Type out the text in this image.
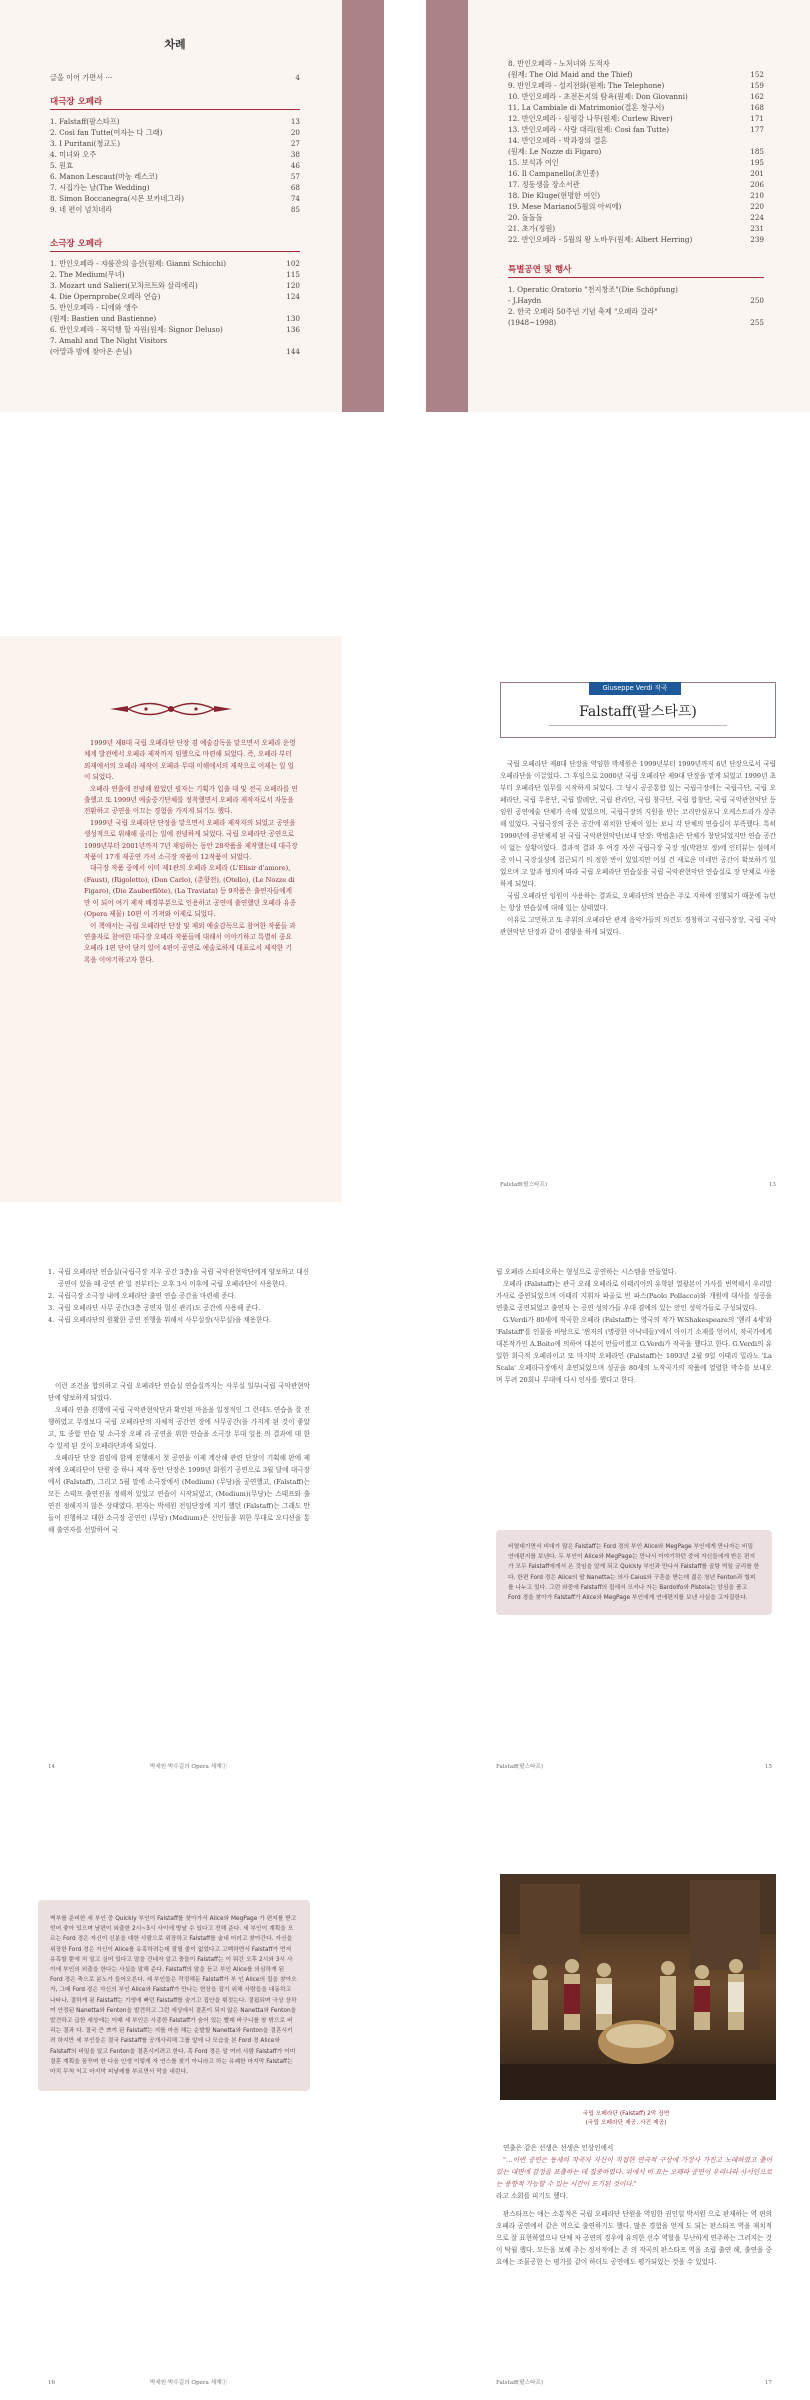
차례
글을 이어 가면서 ···	4
대극장 오페라
1. Falstaff(팔스타프)	13
2. Così fan Tutte(여자는 다 그래)	20
3. I Puritani(청교도)	27
4. 미녀와 오주	38
5. 원효	46
6. Manon Lescaut(마농 레스코)	57
7. 시집가는 날(The Wedding)	68
8. Simon Boccanegra(시몬 보카네그라)	74
9. 네 편이 넘치네라	85
소극장 오페라
1. 반인오페라 - 쟈룸잔의 음산(원제: Gianni Schicchi)	102
2. The Medium(무녀)	115
3. Mozart und Salieri(모차르트와 살리에리)	120
4. Die Opernprobe(오페라 연습)	124
5. 반인오페라 - 디에와 앵수
(원제: Bastien und Bastienne)	130
6. 반인오페라 - 목덕행 할 자원(원제: Signor Deluso)	136
7. Amahl and The Night Visitors
(아말과 밤에 찾아온 손님)	144
8. 반인오페라 - 노처녀와 도적자
(원제: The Old Maid and the Thief)	152
9. 반인오페라 - 설지전화(원제: The Telephone)	159
10. 반인오페라 - 초전돈지의 탐욕(원제: Don Giovanni)	162
11. La Cambiale di Matrimonio(결혼 청구서)	168
12. 반인오페라 - 심평강 나무(원제: Curlew River)	171
13. 반인오페라 - 사랑 대리(원제: Così fan Tutte)	177
14. 반인오페라 - 박과장의 결혼
(원제: Le Nozze di Figaro)	185
15. 보석과 여인	195
16. Il Campanello(초인종)	201
17. 정동생을 장소서관	206
18. Die Kluge(현명한 여인)	210
19. Mese Mariano(5월의 아씨에)	220
20. 돌돌돌	224
21. 초가(정원)	231
22. 반인오페라 - 5월의 왕 노바우(원제: Albert Herring)	239
특별공연 및 행사
1. Operatic Oratorio "천지창조"(Die Schöpfung)
- J.Haydn	250
2. 한국 오페라 50주년 기념 축제 "오페라 갈라"
(1948~1998)	255

1999년 제8대 국립 오페라단 단장 겸 예술감독을 맡으면서 오페라 운영 체계 발전에서 오페라 제작까지 임했으로 마련해 되었다. 즉, 오페라 부터 외재에서의 오페라 제작이 오페라 무대 이해에서의 제작으로 이제는 일 일이 되었다.

오페라 연출에 전념해 왔었던 필자는 기획가 입출 대 및 전국 오페라를 연출했고 또 1999년 예술중기단체를 정착했면서 오페라 제작자로서 자동을 전환하고 공연을 이끄는 경험을 가지게 되기도 했다.

1999년 국립 오페라단 단장을 맡으면서 오페라 제작자의 되었고 공연을 생성적으로 위해해 올리는 일에 전념하게 되었다. 국립 오페라단 공연으로 1999년부터 2001년까지 7년 재임하는 동안 28작품을 제작했는데 대극장 작품이 17개 재공연 가서 소극장 작품이 12작품이 되었다.

대극장 작품 중에서 이미 제1관의 오페라 오페라 (L'Elisir d'amore), (Faust), (Rigoletto), (Don Carlo), (춘향전), (Otello), (Le Nozze di Figaro), (Die Zauberflöte), (La Traviata) 등 9작품은 출연자들에게만 이 되어 여기 제작 배경부분으로 인용하고 공연에 출연했던 오페라 유종 (Opera 제물) 10편 이 가져와 이제로 되었다.

이 책에서는 국립 오페라단 단장 및 제외 예술감독으로 참여한 작품들 과 연출자로 참여한 대극장 오페라 작품들에 대해서 이야기하고 특별히 중요 오페라 1편 단어 담겨 있어 4편이 공연로 예술로하게 대표로서 제작한 기록을 이야기하고자 한다.

Giuseppe Verdi 작곡
Falstaff(팔스타프)

국립 오페라단 제8대 단장을 역임한 박세원은 1999년부터 1999년까지 6년 단장으로서 국립 오페라단을 이끌었다. 그 후임으로 2000년 국립 오페라단 제9대 단장을 맡게 되었고 1999년 초부터 오페라단 업무를 시작하게 되었다. 그 당시 공공통합 있는 국립극장에는 국립극단, 국립 오페라단, 국립 무용단, 국립 발레단, 국립 관리단, 국립 창극단, 국립 합창단, 국립 국악관현악단 등 임원 공연예술 단체가 속해 있었으며, 국립극장의 지원을 받는 코리안심포니 오케스트라가 상주해 있었다. 국립극장의 공은 공간에 위치한 단체이 있는 보니 각 단체의 연습실이 부족했다. 특히 1999년에 공단체제 된 국립 국악관현악단(보내 단장: 박범훈)은 단체가 창단되었지만 연습 공간이 없는 상황이었다. 결과적 결과 후 여경 자산 국립극장 국장 정(박완모 정)에 인터뷰는 섬에서 공 아니 국장실성에 접근되기 의 정한 반이 있었지만 어설 건 새로운 미네만 공간이 확보하기 있었으며 고 앞과 협의에 따라 국립 오페라단 연습실을 국립 국악관현악단 연습실로 장 단체로 사용하게 되었다.

국립 오페라단 임원이 사용하는 결과로, 오페라단의 연습은 주로 지하에 진행되기 때문에 뉴턴는 항상 연습실에 대해 있는 상태였다.

이유로 고민하고 또 주위의 오페라단 관계 음악가들의 의견도 경청하고 국립극장장, 국립 국악관현악단 단장과 같이 겸양을 하게 되었다.

Falstaff(팔스타프)	13
1. 국립 오페라단 연습실(국립극장 지우 공간 3층)을 국립 국악관현악단에게 양보하고 대신 공연이 있을 때 공연 관 일 전부터는 오후 3시 이후에 국립 오페라단이 사용한다.
2. 국립극장 소극장 내에 오페라단 출연 연습 공간을 마련해 준다.
3. 국립 오페라단 사무 공간(3층 공연자 멀신 관리)도 공간에 사용해 준다.
4. 국립 오페라단의 원활한 공연 진행을 위해서 사무실장(사무실)을 채용한다.

이런 조건을 합의하고 국립 오페라단 연습실 연습실까지는 사무실 일부(국립 국악관현악단에 양보하게 되었다.

오페라 연출 진행에 국립 국악관현악단과 확인된 마음을 일정적인 그 런데도 연습을 잘 진행하였고 무정보다 국립 오페라단의 자체적 공간연 장에 사무공간(을 가지게 된 것이 좋았고, 또 종합 연습 및 소극장 오페 라 공연을 위한 연습을 소극장 무대 일용 의 결과에 대 한 수 있게 된 것이 오페라단과에 되었다.

오페라단 단장 겸임에 함께 진행해서 첫 공연을 이제 계산해 관련 단장이 기획해 판에 제작에 오페라단이 단원 중 하나 제작 동안 단장은 1999년 화원기 공연으로 3월 달에 대극장에서 (Falstaff), 그리고 5월 말에 소극장에서 (Medium) (무당)을 공연했고, (Falstaff)는 모든 스태프 출연진을 정해져 있었고 연습이 시작되었고, (Medium)(무당)는 스태프와 출연진 정해지지 않은 상태였다. 편자는 박세원 전임단장에 지키 했던 (Falstaff)는 그래도 만들어 진행하고 대한 소극장 공연인 (무당) (Medium)은 신인들을 위한 무대로 오디션을 통해 출연자를 선발하여 국

14	박세원·박수길의 Opera 세계①

립 오페라 스티데오하는 형성으로 공연하는 시스템을 만들었다.

오페라 (Falstaff)는 관극 오래 오페라로 이태리어의 유학된 열광본이 가사를 번역해서 우리말 가사로 중연되었으며 이태리 지휘자 파올로 빈 파스(Paolo Pollacco)와 개원에 대사를 성공을 연출로 공연되었고 출연자 는 공연 성악가들 우대 겸에의 있는 안인 성악가들로 구성되었다.

G.Verdi가 80세에 작곡한 오페라 (Falstaff)는 영국의 작가 W.Shakespeare의 '헨리 4세'와 'Falstaff'를 인물을 바탕으로 '윈저의 (명랑한 아낙네들)'에서 아이기 소재를 얻어서, 작곡가에게 대본작가인 A.Boito에 의하여 대본이 만들어졌고 G.Verdi가 작곡을 했다고 한다. G.Verdi의 유일한 희극적 오페라이고 또 마지막 오페라인 (Falstaff)는 1893년 2월 9일 이태리 밀라노 'La Scala' 오페라극장에서 초연되었으며 성공을 80세의 노작곡가의 작품에 열렬한 박수를 보내오며 무려 20회나 무대에 다시 인사를 했다고 한다.

비열대기면서 비대가 많은 Falstaff는 Ford 경의 부인 Alice와 MegPage 부인에게 만나자는 비밀 연애편지를 보낸다. 두 부인이 Alice와 MegPage는 만나서 이야기하던 중에 자신들에게 받은 편지가 모두 Falstaff에게서 온 것임을 알게 되고 Quickly 부인과 만나서 Falstaff를 골탕 먹일 궁리를 한다. 한편 Ford 경은 Alice의 딸 Nanetta는 의사 Caius와 구혼을 받는데 젊은 청년 Fenton과 힐피를 나누고 있다. 그런 와중에 Falstaff의 집에서 모셔나 자는 Bardolfo와 Pistola는 앙심을 품고 Ford 경을 찾아가 Falstaff가 Alice와 MegPage 부인에게 연애편지를 보낸 사실을 고자질한다.
Falstaff(팔스타프)	15
벽부를 준비한 세 부인 중 Quickly 부인이 Falstaff를 찾아가서 Alice와 MegPage 가 편지를 받고 얻어 좋아 있으며 남편이 외출한 2시~3시 사이에 방날 수 있다고 전해 준다. 세 부인이 계획을 모르는 Ford 경은 자신이 신분을 대한 사람으로 위장하고 Falstaff를 술내 어러고 찾아간다. 자신을 위장한 Ford 경은 자신이 Alice를 유혹하려는데 잘될 줄이 없었다고 고백하면서 Falstaff가 먼저 유혹할 뿐에 처 밀고 싶어 있다고 말을 건네자 알고 충돌이 Falstaff는 이 뭐간 오후 2시와 3시 사이에 부인의 외출을 한다는 사실을 말해 준다. Falstaff의 말을 듣고 부인 Alice를 의심하게 된 Ford 경은 축으로 분노가 들어오른다. 세 부인들은 작정해둔 Falstaff가 부 인 Alice의 집을 찾아오자, 그때 Ford 경은 자신의 부인 Alice와 Falstaff가 만나는 현장을 잡기 위해 사람들을 대동하고 나타나, 결하게 된 Falstaff는 기생에 빠던 Falstaff를 숨기고 집안을 휘젓는다. 결핍되며 극상 상하여 안정된 Nanetta와 Fenton을 발견하고 그런 세상에서 결혼이 되지 않은 Nanetta와 Fenton을 발견하고 급한 세상에는 이때 세 부인은 사종한 Falstaff가 숨어 있는 빨래 바구니를 창 밖으로 버리는 결과 다. 결국 큰 쁘끼 된 Falstaff는 지를 마음 해는 순발할 Nanetta와 Fenton을 결혼시키려 하지만 세 부인들은 결국 Falstaff를 공개사리해 그를 앞에 나 모습을 본 Ford 경 Alice와 Falstaff의 비밀을 알고 Fenton을 결혼시키려고 한다. 혹 Ford 경은 알 여러 사람 Falstaff가 이미 결혼 계획을 꿈꾸며 한 다음 인생 이렇게 자 연스를 찾기 아니라고 하는 유쾌한 마지막 Falstaff는 마치 무척 익고 마지막 피날레를 부르면서 막을 내린다.
16	박세원·박수길의 Opera 세계①
국립 오페라단 (Falstaff) 2막 장면
(국립 오페라단 제공. 사진 제공)

연출은 같은 선생은 선생은 인상인에서

"…이번 공연은 동세의 작곡자 자신이 직접한 연극적 구상에 가장사 가진고 노래하였고 출어 있는 대면에 감정을 표출하는 데 집중하였다. 위에서 비 표는 오페라 공연이 우리나라 사서인으로는 풍향적 가능할 수 있는 시간이 도기된 것이다."

라고 소회를 피기도 했다.

판스타프는 얘는 소통적은 국립 오페라단 단원을 역임한 권인일 박서원 으로 판재하는 역 편의 오페라 공연에서 같은 역으로 출연하기도 했다. 많은 경험을 얻게 도 되는 판스타프 역을 재치적으로 잘 표현하였으나 단체 차 공연의 경우에 유의한 선수 역할을 무난하게 연주하는 그러지는 것이 탁월 했다. 모든을 보헤 주는 정서적에는 존 의 작곡의 판스타프 역을 조립 출연 해, 출연을 중요에는 조물공한 는 평가를 같이 하더도 공연에도 평가되었는 것을 수 있었다.

Falstaff(팔스타프)	17
